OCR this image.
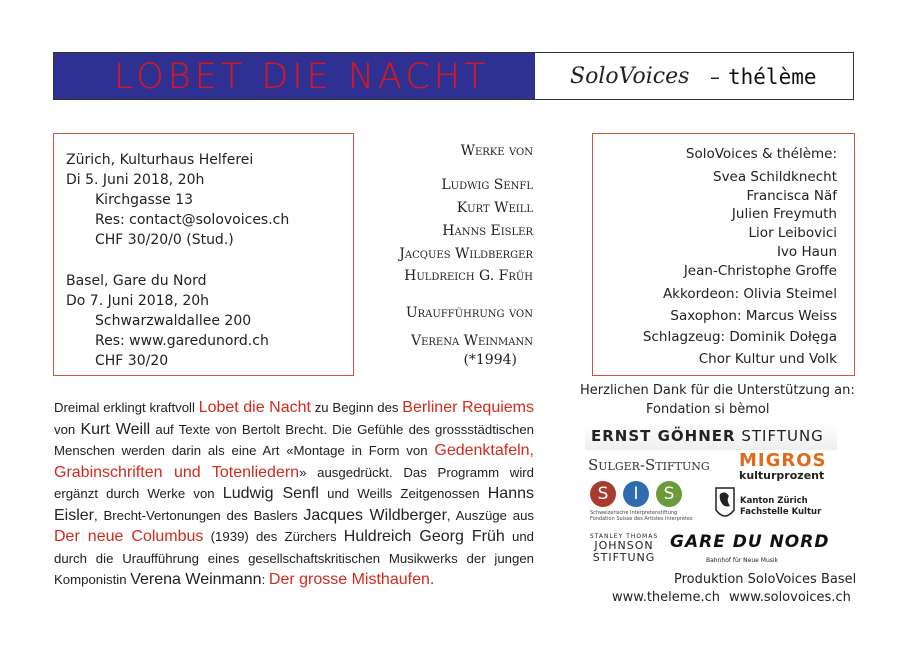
LOBET DIE NACHT	SoloVoices – thélème
Zürich, Kulturhaus Helferei
Di 5. Juni 2018, 20h
Kirchgasse 13
Res: contact@solovoices.ch
CHF 30/20/0 (Stud.)
Basel, Gare du Nord
Do 7. Juni 2018, 20h
Schwarzwaldallee 200
Res: www.garedunord.ch
CHF 30/20
Werke von
Ludwig Senfl
Kurt Weill
Hanns Eisler
Jacques Wildberger
Huldreich G. Früh
Uraufführung von
Verena Weinmann
(*1994)
SoloVoices & thélème:
Svea Schildknecht
Francisca Näf
Julien Freymuth
Lior Leibovici
Ivo Haun
Jean-Christophe Groffe
Akkordeon: Olivia Steimel
Saxophon: Marcus Weiss
Schlagzeug: Dominik Dołęga
Chor Kultur und Volk
Dreimal erklingt kraftvoll Lobet die Nacht zu Beginn des Berliner Requiems von Kurt Weill auf Texte von Bertolt Brecht. Die Gefühle des grossstädtischen Menschen werden darin als eine Art «Montage in Form von Gedenktafeln, Grabinschriften und Totenliedern» ausgedrückt. Das Programm wird ergänzt durch Werke von Ludwig Senfl und Weills Zeitgenossen Hanns Eisler, Brecht-Vertonungen des Baslers Jacques Wildberger, Auszüge aus Der neue Columbus (1939) des Zürchers Huldreich Georg Früh und durch die Uraufführung eines gesellschaftskritischen Musikwerks der jungen Komponistin Verena Weinmann: Der grosse Misthaufen.
Herzlichen Dank für die Unterstützung an:
Fondation si bèmol
ERNST GÖHNER STIFTUNG
Sulger-Stiftung MIGROS
kulturprozent
S	I	S
Schweizerische Interpretenstiftung
Fondation Suisse des Artistes Interprètes
Kanton Zürich
Fachstelle Kultur
STANLEY THOMAS
JOHNSON
STIFTUNG
GARE DU NORD
Bahnhof für Neue Musik
Produktion SoloVoices Basel
www.theleme.ch www.solovoices.ch
